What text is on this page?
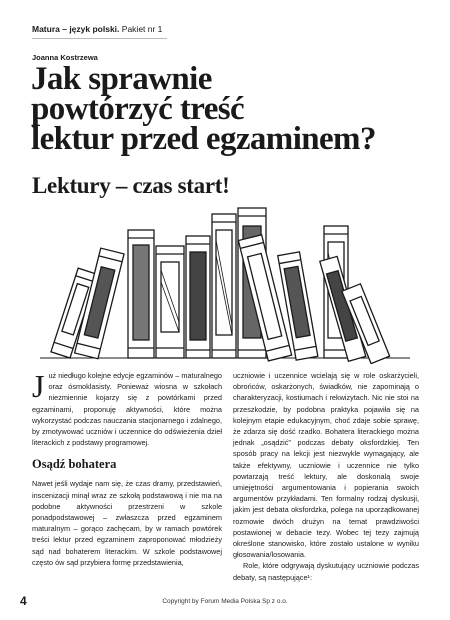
Matura – język polski. Pakiet nr 1
Joanna Kostrzewa
Jak sprawnie
powtórzyć treść
lektur przed egzaminem?
Lektury – czas start!

J uż niedługo kolejne edycje egzaminów – maturalnego oraz ósmoklasisty. Ponieważ wiosna w szkołach niezmiennie kojarzy się z powtórkami przed egzaminami, proponuję aktywności, które można wykorzystać podczas nauczania stacjonarnego i zdalnego, by zmotywować uczniów i uczennice do odświeżenia dzieł literackich z podstawy programowej.

Osądź bohatera

Nawet jeśli wydaje nam się, że czas dramy, przedstawień, inscenizacji minął wraz ze szkołą podstawową i nie ma na podobne aktywności przestrzeni w szkole ponadpodstawowej – zwłaszcza przed egzaminem maturalnym – gorąco zachęcam, by w ramach powtórek treści lektur przed egzaminem zaproponować młodzieży sąd nad bohaterem literackim. W szkole podstawowej często ów sąd przybiera formę przedstawienia,

uczniowie i uczennice wcielają się w role oskarżycieli, obrońców, oskarżonych, świadków, nie zapominają o charakteryzacji, kostiumach i rekwizytach. Nic nie stoi na przeszkodzie, by podobna praktyka pojawiła się na kolejnym etapie edukacyjnym, choć zdaje sobie sprawę, że zdarza się dość rzadko. Bohatera literackiego można jednak „osądzić” podczas debaty oksfordzkiej. Ten sposób pracy na lekcji jest niezwykle wymagający, ale także efektywny, uczniowie i uczennice nie tylko powtarzają treść lektury, ale doskonalą swoje umiejętności argumentowania i popierania swoich argumentów przykładami. Ten formalny rodzaj dyskusji, jakim jest debata oksfordzka, polega na uporządkowanej rozmowie dwóch drużyn na temat prawdziwości postawionej w debacie tezy. Wobec tej tezy zajmują określone stanowisko, które zostało ustalone w wyniku głosowania/losowania.

Role, które odgrywają dyskutujący uczniowie podczas debaty, są następujące¹:

4	Copyright by Forum Media Polska Sp z o.o.
